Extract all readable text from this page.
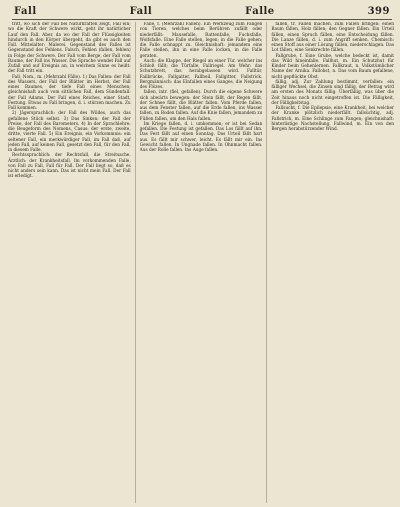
Fall	Fall	Falle	399

tritt, wo sich der Fall bei Naturkräften zeigt, Fall ein; wo die Kraft der Schwere wirkt, geht ihr natürlicher Lauf den Fall. Aber, da wo der Fall der Flüssigkeiten hindurch in den Körper übergeht, da gibt es auch den Fall. Mittelalter: Malerei. Gegenstand des Falles ist Gegenstand des Fehlens. Falsch, Fehlen (fallen, fehlen) in Folge der Schwere. Der Fall vom Berge, der Fall vom Baume, der Fall ins Wasser. Die Sprache wendet Fall auf Zufall und auf Ereignis an, in welchem Sinne es heißt: der Fall tritt ein.

Fall, Nom., m. (Mehrzahl Fälle). 1) Das Fallen: der Fall des Wassers, der Fall der Blätter im Herbst, der Fall eines Baumes, der tiefe Fall eines Menschen; gleichnishaft auch vom sittlichen Fall, dem Sündenfall: der Fall Adams. Der Fall eines Reiches, einer Stadt, Festung. Etwas zu Fall bringen, d. i. stürzen machen. Zu Fall kommen.

2) Jägersprachlich: der Fall des Wildes, auch das gefallene Stück selbst. 3) Das Sinken: der Fall der Preise, der Fall des Barometers. 4) In der Sprachlehre: die Beugeform des Nomens, Casus: der erste, zweite, dritte, vierte Fall. 5) Ein Ereignis, ein Vorkommnis: ein seltener Fall, ein merkwürdiger Fall, im Fall daß, auf jeden Fall, auf keinen Fall, gesetzt den Fall, für den Fall, in diesem Falle.

Rechtssprachlich: der Rechtsfall, die Streitsache. Ärztlich: der Krankheitsfall. Im vorkommenden Falle, von Fall zu Fall, Fall für Fall. Der Fall liegt so, daß es nicht anders sein kann. Das ist nicht mein Fall. Der Fall ist erledigt.

Falle, f. (Mehrzahl Fallen). Ein Werkzeug zum Fangen von Tieren, welches beim Berühren zufällt oder niederfällt: Mausefalle, Rattenfalle, Fuchsfalle, Wolfsfalle. Eine Falle stellen, legen; in die Falle gehen; die Falle schnappt zu. Gleichnishaft: jemandem eine Falle stellen, ihn in eine Falle locken, in die Falle geraten.

Auch: die Klappe, der Riegel an einer Tür, welcher ins Schloß fällt; die Türfalle, Fallriegel. Am Wehr: das Schutzbrett, das herabgelassen wird. Falltür, Fallbrücke, Fallgatter, Fallbeil, Fallgitter, Fallstrick. Bergmännisch: das Einfallen eines Ganges, die Neigung des Flözes.

fallen, intr. (fiel, gefallen). Durch die eigene Schwere sich abwärts bewegen: der Stein fällt, der Regen fällt, der Schnee fällt, die Blätter fallen. Vom Pferde fallen, aus dem Fenster fallen, auf die Erde fallen, ins Wasser fallen, zu Boden fallen. Auf die Knie fallen, jemandem zu Füßen fallen, um den Hals fallen.

Im Kriege fallen, d. i. umkommen; er ist bei Sedan gefallen. Die Festung ist gefallen. Das Los fällt auf ihn. Das Fest fällt auf einen Sonntag. Das Urteil fällt hart aus. Es fällt mir schwer, leicht. Es fällt mir ein. Ins Gewicht fallen. In Ungnade fallen. In Ohnmacht fallen. Aus der Rolle fallen. Ins Auge fallen.

fällen, tr. Fallen machen, zum Fallen bringen: einen Baum fällen, Holz fällen; den Gegner fällen. Ein Urteil fällen, einen Spruch fällen, eine Entscheidung fällen. Die Lanze fällen, d. i. zum Angriff senken. Chemisch: einen Stoff aus einer Lösung fällen, niederschlagen. Das Lot fällen, eine Senkrechte fällen.

Fallgrube, f. Eine Grube, welche bedeckt ist, damit das Wild hineinfalle. Fallhut, m. Ein Schutzhut für Kinder beim Gehenlernen. Fallkraut, n. Volkstümlicher Name der Arnika. Fallobst, n. Das vom Baum gefallene, nicht gepflückte Obst.

fällig, adj. Zur Zahlung bestimmt, verfallen: ein fälliger Wechsel, die Zinsen sind fällig, der Betrag wird am ersten des Monats fällig. Überfällig, was über die Zeit hinaus noch nicht eingetroffen ist. Die Fälligkeit, der Fälligkeitstag.

Fallsucht, f. Die Epilepsie, eine Krankheit, bei welcher der Kranke plötzlich niederfällt. fallsüchtig, adj. Fallstrick, m. Eine Schlinge zum Fangen; gleichnishaft: hinterlistige Nachstellung. Fallwind, m. Ein von den Bergen herabstürzender Wind.
